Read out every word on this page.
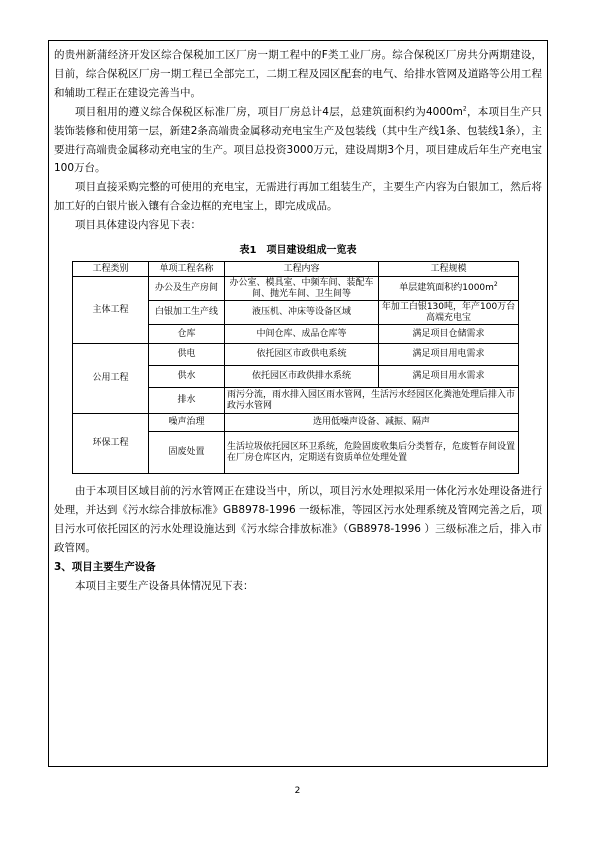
的贵州新蒲经济开发区综合保税加工区厂房一期工程中的F类工业厂房。综合保税区厂房共分两期建设，目前，综合保税区厂房一期工程已全部完工，二期工程及园区配套的电气、给排水管网及道路等公用工程和辅助工程正在建设完善当中。

项目租用的遵义综合保税区标准厂房，项目厂房总计4层，总建筑面积约为$4000m^2$，本项目生产只装饰装修和使用第一层，新建2条高端贵金属移动充电宝生产及包装线（其中生产线1条、包装线1条），主要进行高端贵金属移动充电宝的生产。项目总投资3000万元，建设周期3个月，项目建成后年生产充电宝100万台。

项目直接采购完整的可使用的充电宝，无需进行再加工组装生产，主要生产内容为白银加工，然后将加工好的白银片嵌入镶有合金边框的充电宝上，即完成成品。

项目具体建设内容见下表：

表1　项目建设组成一览表
工程类别	单项工程名称	工程内容	工程规模
主体工程	办公及生产房间	办公室、模具室、中频车间、装配车间、抛光车间、卫生间等	单层建筑面积约$1000m^2$
	白银加工生产线	液压机、冲床等设备区域	年加工白银130吨，年产100万台高端充电宝
	仓库	中间仓库、成品仓库等	满足项目仓储需求
公用工程	供电	依托园区市政供电系统	满足项目用电需求
	供水	依托园区市政供排水系统	满足项目用水需求
	排水	雨污分流，雨水排入园区雨水管网，生活污水经园区化粪池处理后排入市政污水管网	
环保工程	噪声治理	选用低噪声设备、减振、隔声	
	固废处置	生活垃圾依托园区环卫系统，危险固废收集后分类暂存，危废暂存间设置在厂房仓库区内，定期送有资质单位处理处置	

由于本项目区域目前的污水管网正在建设当中，所以，项目污水处理拟采用一体化污水处理设备进行处理，并达到《污水综合排放标准》GB8978-1996 一级标准，等园区污水处理系统及管网完善之后，项目污水可依托园区的污水处理设施达到《污水综合排放标准》（GB8978-1996 ）三级标准之后，排入市政管网。

3、项目主要生产设备

本项目主要生产设备具体情况见下表：

2
